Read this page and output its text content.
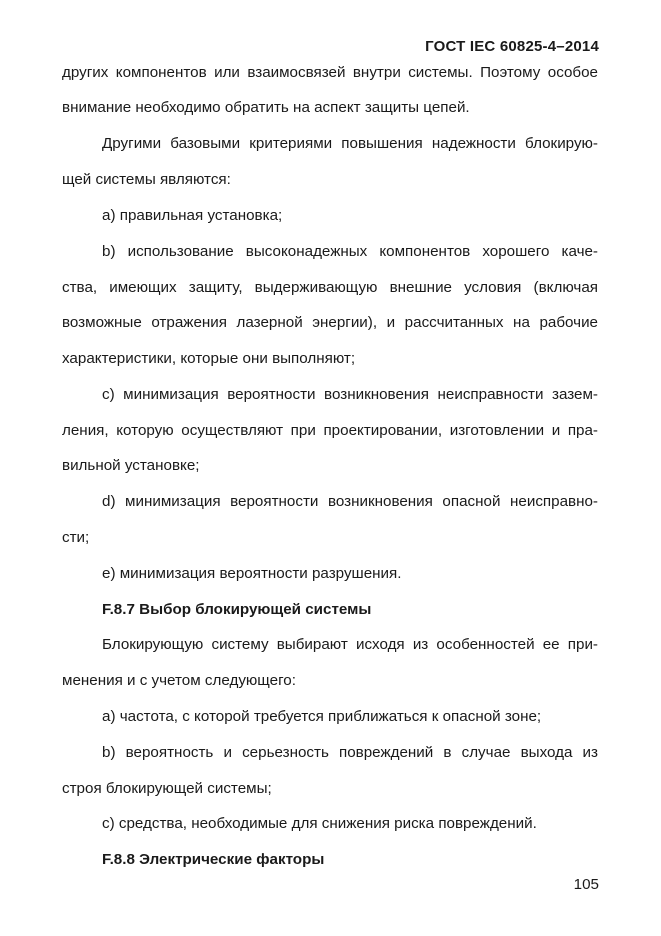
ГОСТ IEC 60825-4–2014
других компонентов или взаимосвязей внутри системы. Поэтому особое
внимание необходимо обратить на аспект защиты цепей.
Другими базовыми критериями повышения надежности блокирую-
щей системы являются:
а) правильная установка;
b) использование высоконадежных компонентов хорошего каче-
ства, имеющих защиту, выдерживающую внешние условия (включая
возможные отражения лазерной энергии), и рассчитанных на рабочие
характеристики, которые они выполняют;
с) минимизация вероятности возникновения неисправности зазем-
ления, которую осуществляют при проектировании, изготовлении и пра-
вильной установке;
d) минимизация вероятности возникновения опасной неисправно-
сти;
е) минимизация вероятности разрушения.
F.8.7 Выбор блокирующей системы
Блокирующую систему выбирают исходя из особенностей ее при-
менения и с учетом следующего:
а) частота, с которой требуется приближаться к опасной зоне;
b) вероятность и серьезность повреждений в случае выхода из
строя блокирующей системы;
с) средства, необходимые для снижения риска повреждений.
F.8.8 Электрические факторы
105
